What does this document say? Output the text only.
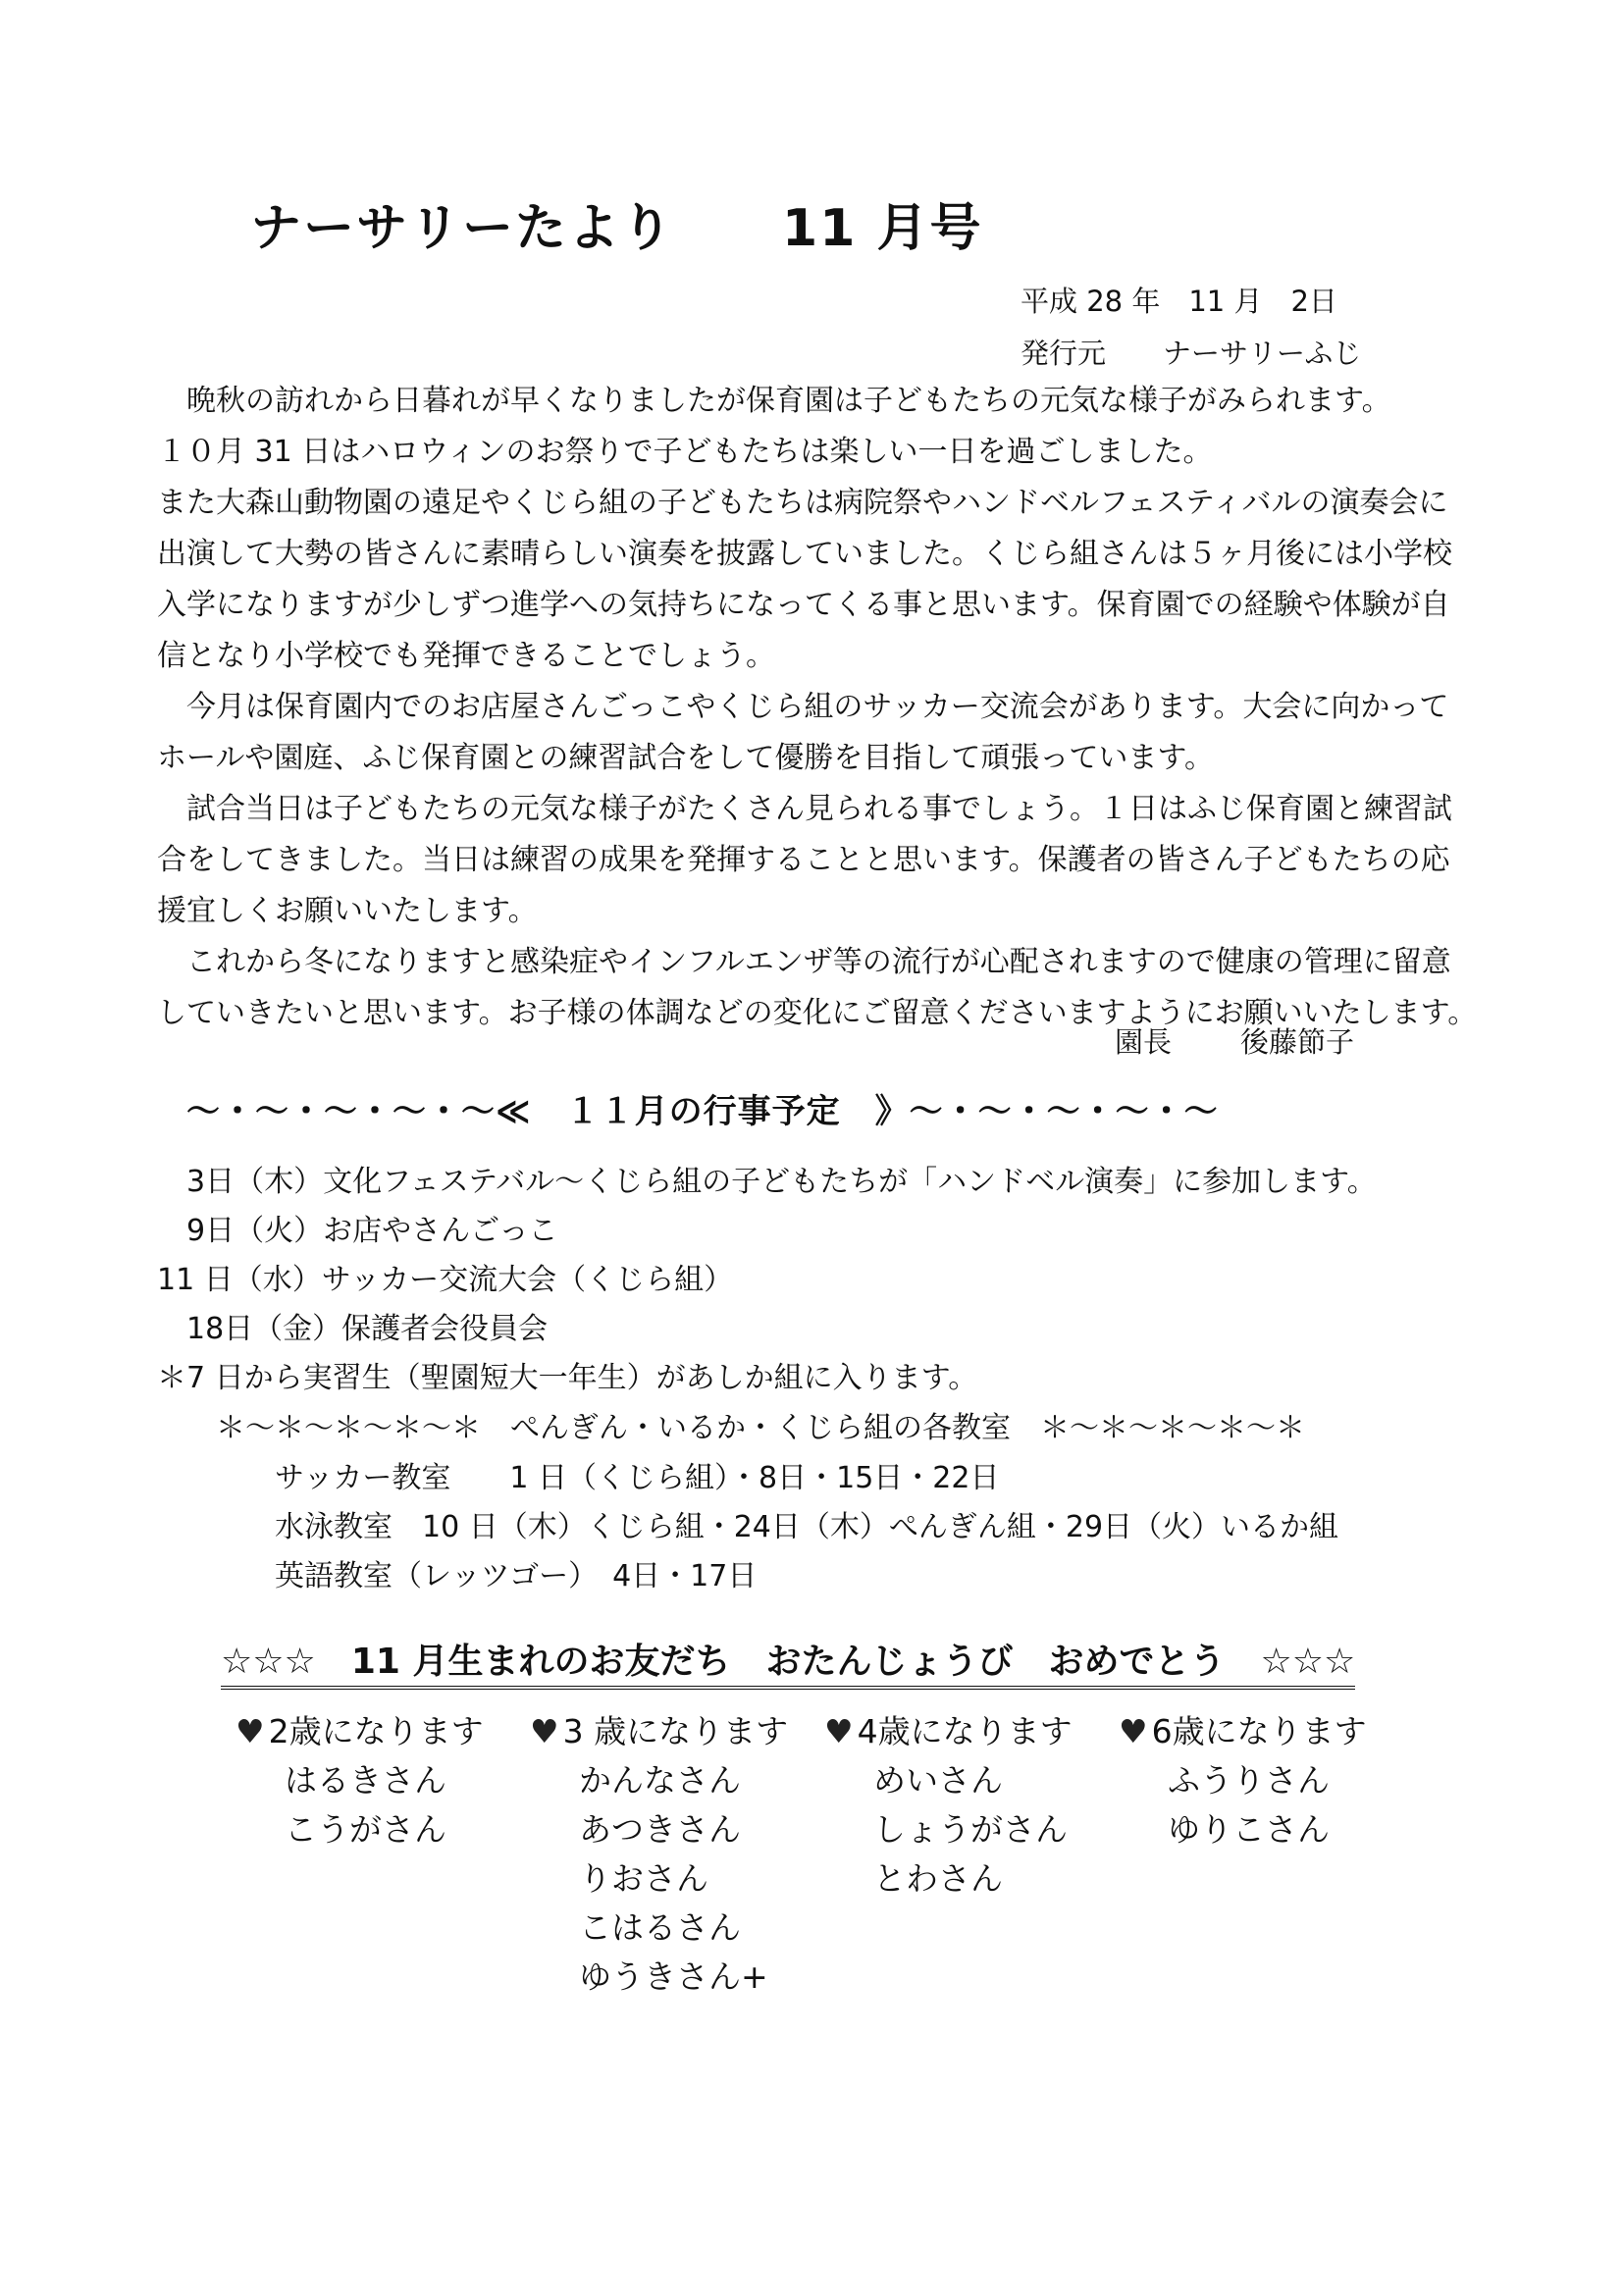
ナーサリーたより 11 月号
平成 28 年　11 月　2日
発行元　　ナーサリーふじ

　晩秋の訪れから日暮れが早くなりましたが保育園は子どもたちの元気な様子がみられます。

１０月 31 日はハロウィンのお祭りで子どもたちは楽しい一日を過ごしました。

また大森山動物園の遠足やくじら組の子どもたちは病院祭やハンドベルフェスティバルの演奏会に

出演して大勢の皆さんに素晴らしい演奏を披露していました。くじら組さんは５ヶ月後には小学校

入学になりますが少しずつ進学への気持ちになってくる事と思います。保育園での経験や体験が自

信となり小学校でも発揮できることでしょう。

　今月は保育園内でのお店屋さんごっこやくじら組のサッカー交流会があります。大会に向かって

ホールや園庭、ふじ保育園との練習試合をして優勝を目指して頑張っています。

　試合当日は子どもたちの元気な様子がたくさん見られる事でしょう。１日はふじ保育園と練習試

合をしてきました。当日は練習の成果を発揮することと思います。保護者の皆さん子どもたちの応

援宜しくお願いいたします。

　これから冬になりますと感染症やインフルエンザ等の流行が心配されますので健康の管理に留意

していきたいと思います。お子様の体調などの変化にご留意くださいますようにお願いいたします。

園長 後藤節子
～・～・～・～・～≪　１１月の行事予定　》～・～・～・～・～
　3日（木）文化フェステバル～くじら組の子どもたちが「ハンドベル演奏」に参加します。
　9日（火）お店やさんごっこ
11 日（水）サッカー交流大会（くじら組）
　18日（金）保護者会役員会
＊7 日から実習生（聖園短大一年生）があしか組に入ります。
＊～＊～＊～＊～＊　ぺんぎん・いるか・くじら組の各教室　＊～＊～＊～＊～＊
サッカー教室 1 日（くじら組）・8日・15日・22日
水泳教室　10 日（木）くじら組・24日（木）ぺんぎん組・29日（火）いるか組
英語教室（レッツゴー）　4日・17日
☆☆☆　11 月生まれのお友だち　おたんじょうび　おめでとう　☆☆☆
♥ 2歳になります
はるきさん
こうがさん
♥ 3 歳になります
かんなさん
あつきさん
りおさん
こはるさん
ゆうきさん+
♥ 4歳になります
めいさん
しょうがさん
とわさん
♥ 6歳になります
ふうりさん
ゆりこさん
